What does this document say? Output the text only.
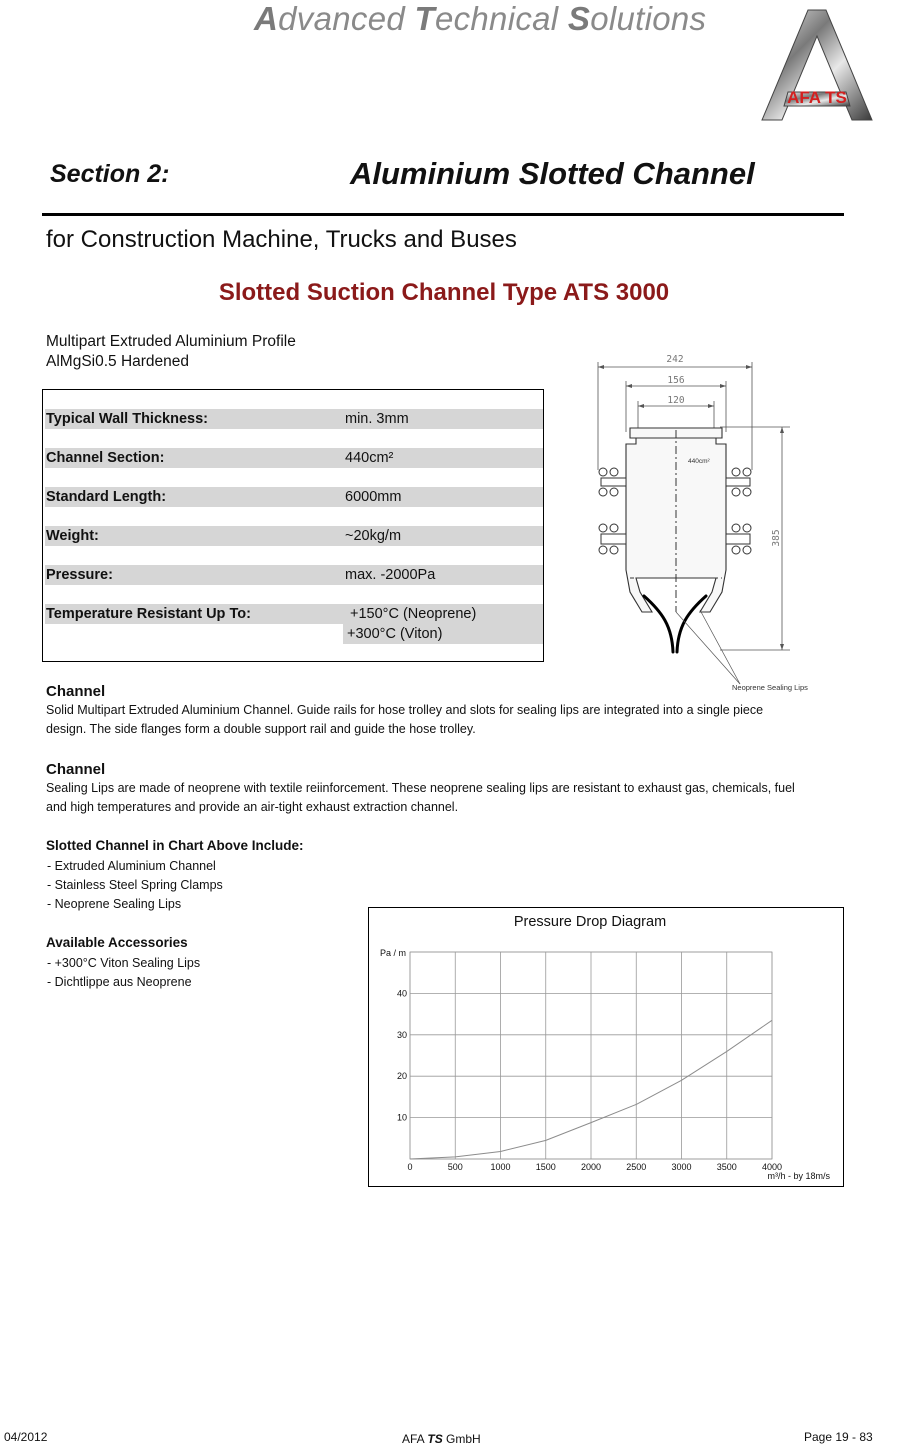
Advanced Technical Solutions
AFA TS
Section 2:	Aluminium Slotted Channel
for Construction Machine, Trucks and Buses
Slotted Suction Channel Type ATS 3000
Multipart Extruded Aluminium Profile
AlMgSi0.5 Hardened
Typical Wall Thickness:	min. 3mm
Channel Section:	440cm²
Standard Length:	6000mm
Weight:	~20kg/m
Pressure:	max. -2000Pa
Temperature Resistant Up To:	+150°C (Neoprene)
+300°C (Viton)
242
156
120
385
440cm²
Neoprene Sealing Lips
Channel
Solid Multipart Extruded Aluminium Channel. Guide rails for hose trolley and slots for sealing lips are integrated into a single piece design. The side flanges form a double support rail and guide the hose trolley.
Channel
Sealing Lips are made of neoprene with textile reiinforcement. These neoprene sealing lips are resistant to exhaust gas, chemicals, fuel and high temperatures and provide an air-tight exhaust extraction channel.
Slotted Channel in Chart Above Include:
- Extruded Aluminium Channel
- Stainless Steel Spring Clamps
- Neoprene Sealing Lips
Available Accessories
- +300°C Viton Sealing Lips
- Dichtlippe aus Neoprene
Pressure Drop Diagram
Pa / m
m³/h - by 18m/s
0	500	1000	1500	2000	2500	3000	3500	4000
10
20
30
40
04/2012	AFA TS GmbH	Page 19 - 83
